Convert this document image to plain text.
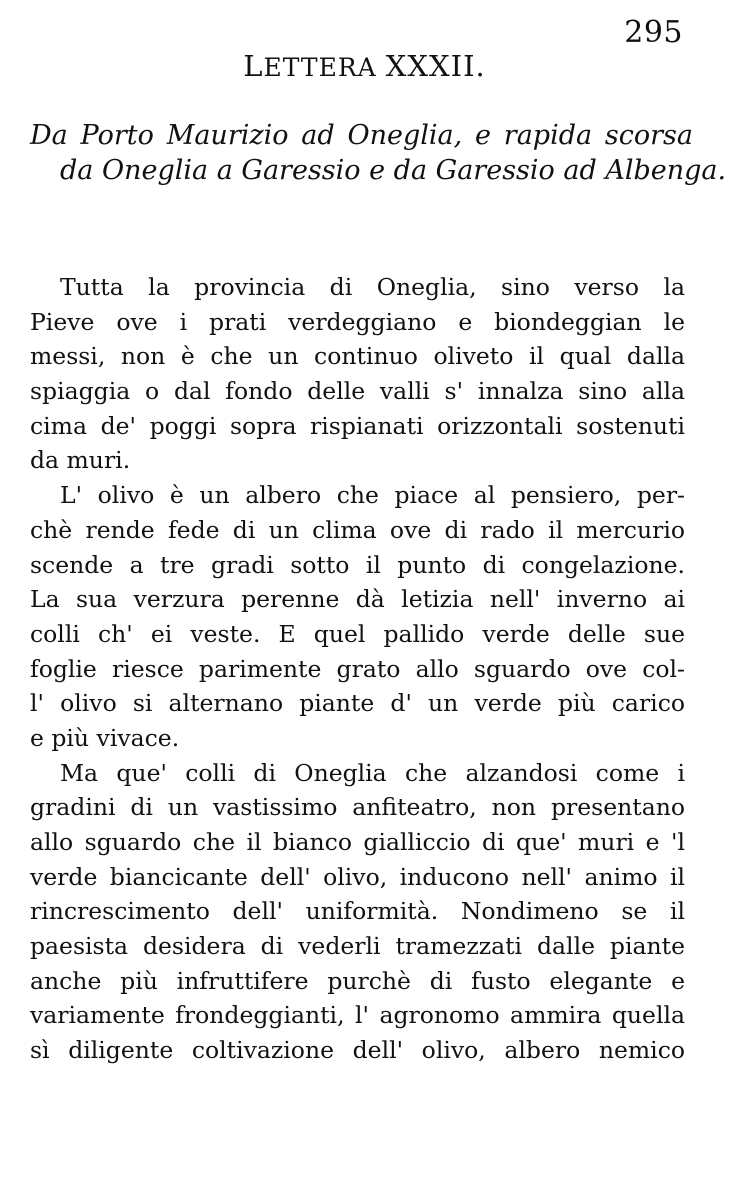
295
LETTERA XXXII.
Da Porto Maurizio ad Oneglia, e rapida scorsa
da Oneglia a Garessio e da Garessio ad Albenga.
Tutta la provincia di Oneglia, sino verso la
Pieve ove i prati verdeggiano e biondeggian le
messi, non è che un continuo oliveto il qual dalla
spiaggia o dal fondo delle valli s' innalza sino alla
cima de' poggi sopra rispianati orizzontali sostenuti
da muri.
L' olivo è un albero che piace al pensiero, per-
chè rende fede di un clima ove di rado il mercurio
scende a tre gradi sotto il punto di congelazione.
La sua verzura perenne dà letizia nell' inverno ai
colli ch' ei veste. E quel pallido verde delle sue
foglie riesce parimente grato allo sguardo ove col-
l' olivo si alternano piante d' un verde più carico
e più vivace.
Ma que' colli di Oneglia che alzandosi come i
gradini di un vastissimo anfiteatro, non presentano
allo sguardo che il bianco gialliccio di que' muri e 'l
verde biancicante dell' olivo, inducono nell' animo il
rincrescimento dell' uniformità. Nondimeno se il
paesista desidera di vederli tramezzati dalle piante
anche più infruttifere purchè di fusto elegante e
variamente frondeggianti, l' agronomo ammira quella
sì diligente coltivazione dell' olivo, albero nemico
